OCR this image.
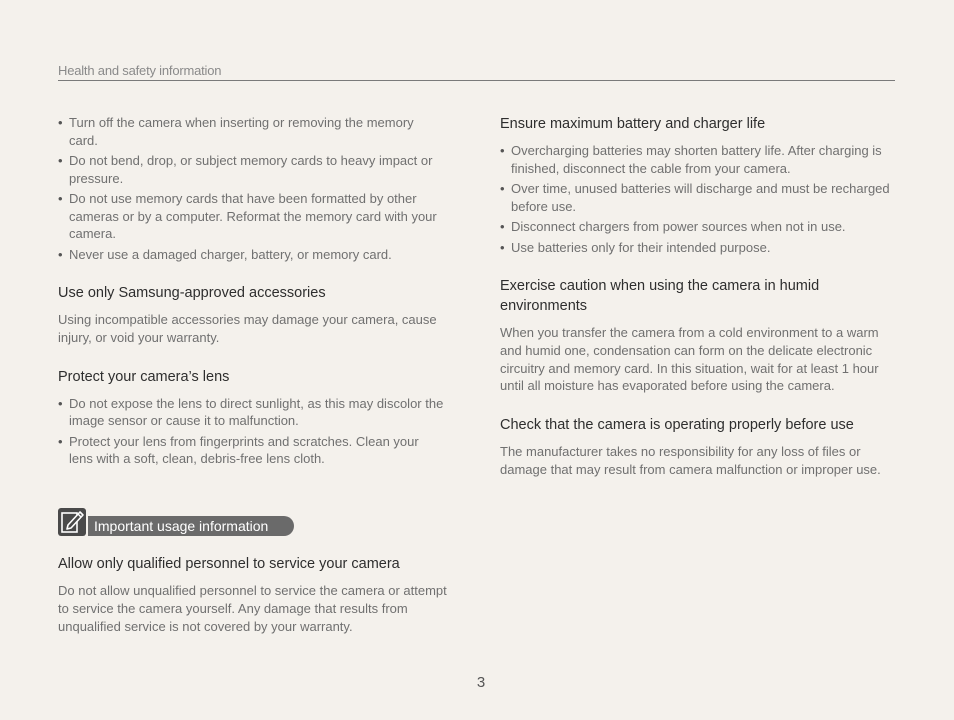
Health and safety information
• Turn off the camera when inserting or removing the memory card.
• Do not bend, drop, or subject memory cards to heavy impact or pressure.
• Do not use memory cards that have been formatted by other cameras or by a computer. Reformat the memory card with your camera.
• Never use a damaged charger, battery, or memory card.
Use only Samsung-approved accessories

Using incompatible accessories may damage your camera, cause injury, or void your warranty.

Protect your camera’s lens
• Do not expose the lens to direct sunlight, as this may discolor the image sensor or cause it to malfunction.
• Protect your lens from fingerprints and scratches. Clean your lens with a soft, clean, debris-free lens cloth.
Important usage information
Allow only qualified personnel to service your camera

Do not allow unqualified personnel to service the camera or attempt to service the camera yourself. Any damage that results from unqualified service is not covered by your warranty.

Ensure maximum battery and charger life
• Overcharging batteries may shorten battery life. After charging is finished, disconnect the cable from your camera.
• Over time, unused batteries will discharge and must be recharged before use.
• Disconnect chargers from power sources when not in use.
• Use batteries only for their intended purpose.
Exercise caution when using the camera in humid environments

When you transfer the camera from a cold environment to a warm and humid one, condensation can form on the delicate electronic circuitry and memory card. In this situation, wait for at least 1 hour until all moisture has evaporated before using the camera.

Check that the camera is operating properly before use

The manufacturer takes no responsibility for any loss of files or damage that may result from camera malfunction or improper use.

3
